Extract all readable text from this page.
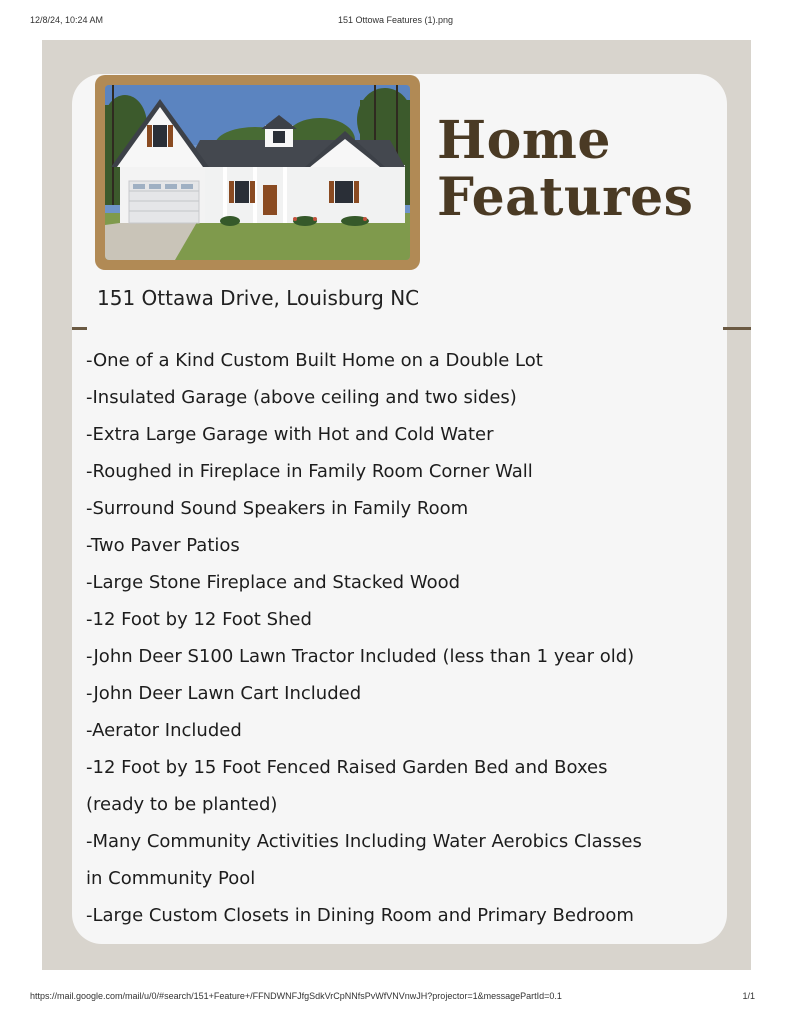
12/8/24, 10:24 AM	151 Ottowa Features (1).png
Home
Features
151 Ottawa Drive, Louisburg NC
-One of a Kind Custom Built Home on a Double Lot
-Insulated Garage (above ceiling and two sides)
-Extra Large Garage with Hot and Cold Water
-Roughed in Fireplace in Family Room Corner Wall
-Surround Sound Speakers in Family Room
-Two Paver Patios
-Large Stone Fireplace and Stacked Wood
-12 Foot by 12 Foot Shed
-John Deer S100 Lawn Tractor Included (less than 1 year old)
-John Deer Lawn Cart Included
-Aerator Included
-12 Foot by 15 Foot Fenced Raised Garden Bed and Boxes
(ready to be planted)
-Many Community Activities Including Water Aerobics Classes
in Community Pool
-Large Custom Closets in Dining Room and Primary Bedroom
https://mail.google.com/mail/u/0/#search/151+Feature+/FFNDWNFJfgSdkVrCpNNfsPvWfVNVnwJH?projector=1&messagePartId=0.1	1/1
